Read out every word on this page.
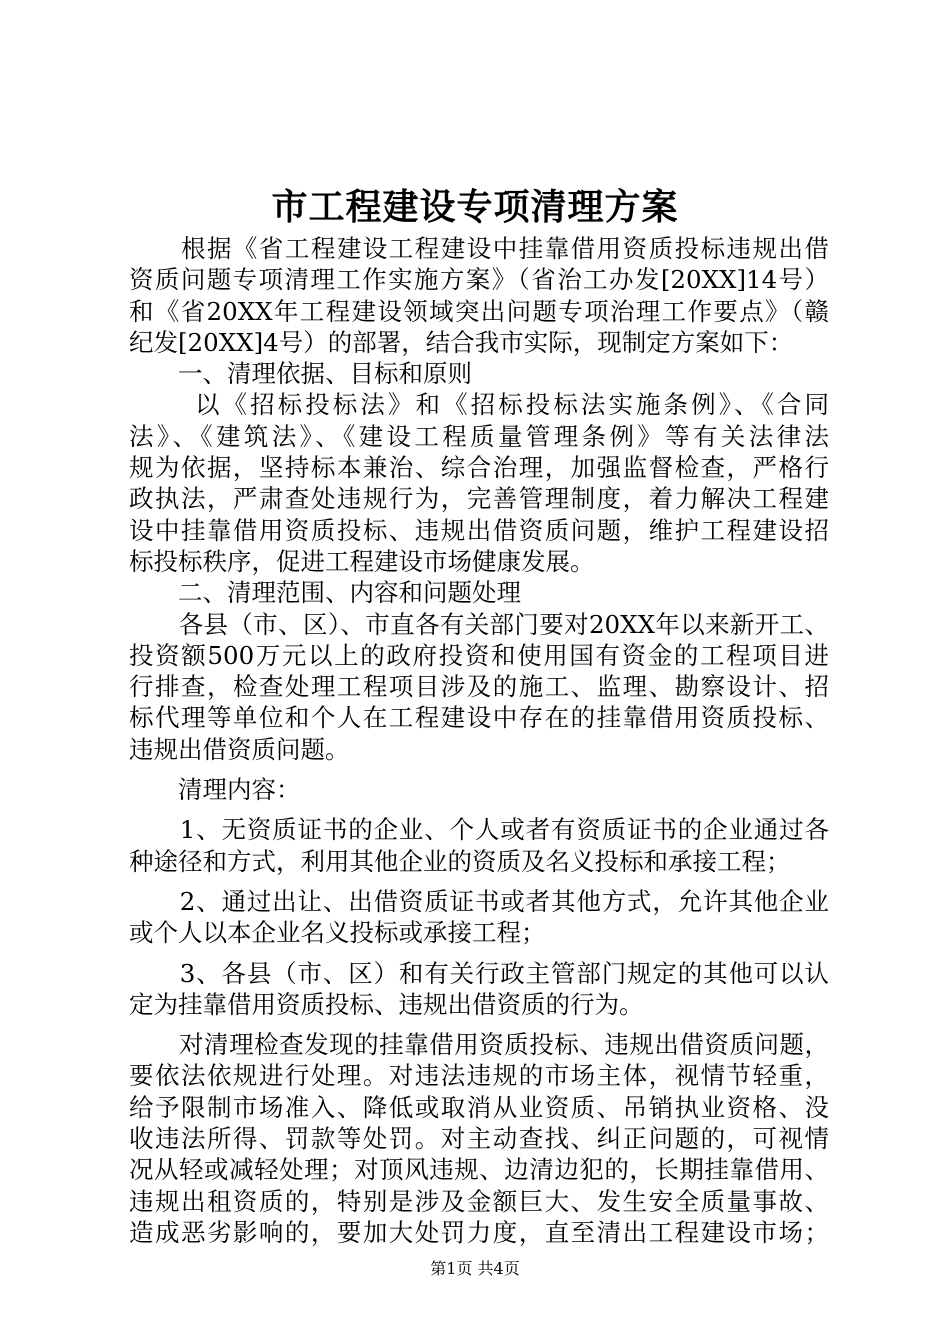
市工程建设专项清理方案
　　根据《省工程建设工程建设中挂靠借用资质投标违规出借
资质问题专项清理工作实施方案》（省治工办发[20XX]14号）
和《省20XX年工程建设领域突出问题专项治理工作要点》（赣
纪发[20XX]4号）的部署，结合我市实际，现制定方案如下：
　　一、清理依据、目标和原则
　　 以《招标投标法》和《招标投标法实施条例》、《合同
法》、《建筑法》、《建设工程质量管理条例》等有关法律法
规为依据，坚持标本兼治、综合治理，加强监督检查，严格行
政执法，严肃查处违规行为，完善管理制度，着力解决工程建
设中挂靠借用资质投标、违规出借资质问题，维护工程建设招
标投标秩序，促进工程建设市场健康发展。
　　二、清理范围、内容和问题处理
　　各县（市、区）、市直各有关部门要对20XX年以来新开工、
投资额500万元以上的政府投资和使用国有资金的工程项目进
行排查，检查处理工程项目涉及的施工、监理、勘察设计、招
标代理等单位和个人在工程建设中存在的挂靠借用资质投标、
违规出借资质问题。
　　清理内容：
　　1、无资质证书的企业、个人或者有资质证书的企业通过各
种途径和方式，利用其他企业的资质及名义投标和承接工程；
　　2、通过出让、出借资质证书或者其他方式，允许其他企业
或个人以本企业名义投标或承接工程；
　　3、各县（市、区）和有关行政主管部门规定的其他可以认
定为挂靠借用资质投标、违规出借资质的行为。
　　对清理检查发现的挂靠借用资质投标、违规出借资质问题，
要依法依规进行处理。对违法违规的市场主体，视情节轻重，
给予限制市场准入、降低或取消从业资质、吊销执业资格、没
收违法所得、罚款等处罚。对主动查找、纠正问题的，可视情
况从轻或减轻处理；对顶风违规、边清边犯的，长期挂靠借用、
违规出租资质的，特别是涉及金额巨大、发生安全质量事故、
造成恶劣影响的，要加大处罚力度，直至清出工程建设市场；
第1页 共4页
